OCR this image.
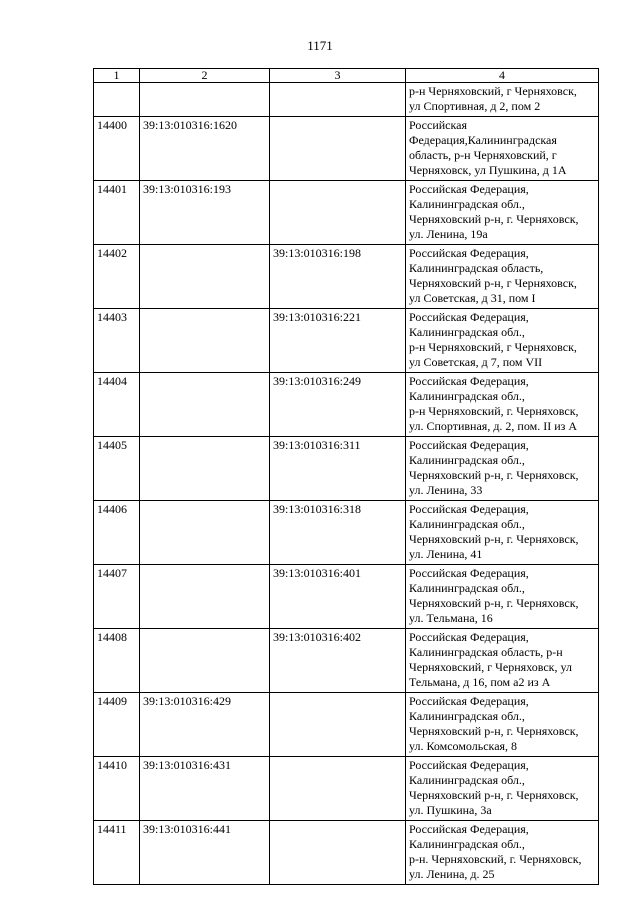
1171
1	2	3	4
			р-н Черняховский, г Черняховск,
ул Спортивная, д 2, пом 2
14400	39:13:010316:1620		Российская
Федерация,Калининградская
область, р-н Черняховский, г
Черняховск, ул Пушкина, д 1А
14401	39:13:010316:193		Российская Федерация,
Калининградская обл.,
Черняховский р-н, г. Черняховск,
ул. Ленина, 19а
14402		39:13:010316:198	Российская Федерация,
Калининградская область,
Черняховский р-н, г Черняховск,
ул Советская, д 31, пом I
14403		39:13:010316:221	Российская Федерация,
Калининградская обл.,
р-н Черняховский, г Черняховск,
ул Советская, д 7, пом VII
14404		39:13:010316:249	Российская Федерация,
Калининградская обл.,
р-н Черняховский, г. Черняховск,
ул. Спортивная, д. 2, пом. II из А
14405		39:13:010316:311	Российская Федерация,
Калининградская обл.,
Черняховский р-н, г. Черняховск,
ул. Ленина, 33
14406		39:13:010316:318	Российская Федерация,
Калининградская обл.,
Черняховский р-н, г. Черняховск,
ул. Ленина, 41
14407		39:13:010316:401	Российская Федерация,
Калининградская обл.,
Черняховский р-н, г. Черняховск,
ул. Тельмана, 16
14408		39:13:010316:402	Российская Федерация,
Калининградская область, р-н
Черняховский, г Черняховск, ул
Тельмана, д 16, пом а2 из А
14409	39:13:010316:429		Российская Федерация,
Калининградская обл.,
Черняховский р-н, г. Черняховск,
ул. Комсомольская, 8
14410	39:13:010316:431		Российская Федерация,
Калининградская обл.,
Черняховский р-н, г. Черняховск,
ул. Пушкина, 3а
14411	39:13:010316:441		Российская Федерация,
Калининградская обл.,
р-н. Черняховский, г. Черняховск,
ул. Ленина, д. 25
